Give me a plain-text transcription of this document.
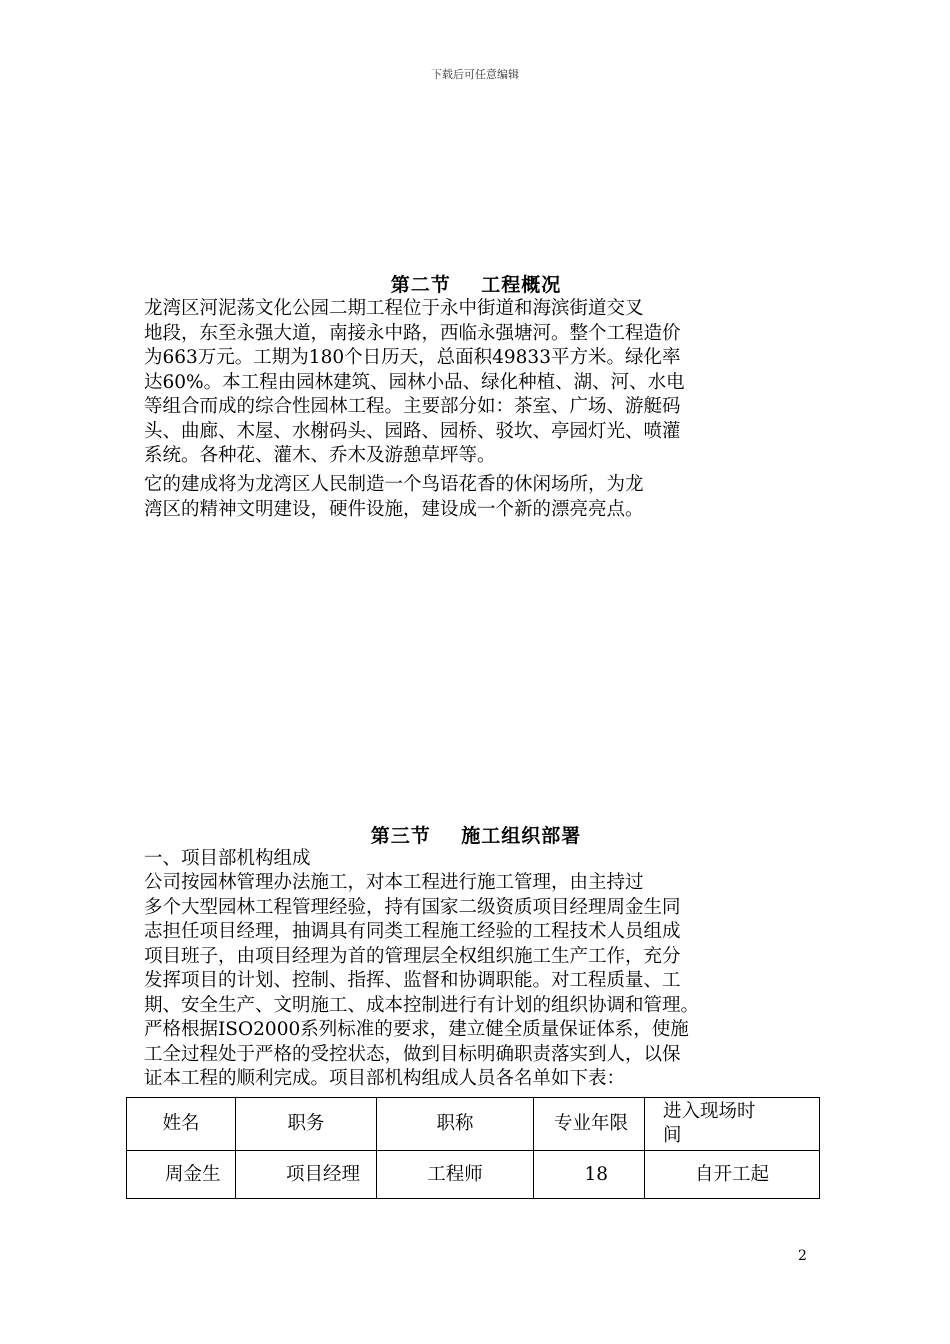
下载后可任意编辑
第二节    工程概况
龙湾区河泥荡文化公园二期工程位于永中街道和海滨街道交叉
地段，东至永强大道，南接永中路，西临永强塘河。整个工程造价
为663万元。工期为180个日历天，总面积49833平方米。绿化率
达60%。本工程由园林建筑、园林小品、绿化种植、湖、河、水电
等组合而成的综合性园林工程。主要部分如：茶室、广场、游艇码
头、曲廊、木屋、水榭码头、园路、园桥、驳坎、亭园灯光、喷灌
系统。各种花、灌木、乔木及游憩草坪等。
它的建成将为龙湾区人民制造一个鸟语花香的休闲场所，为龙
湾区的精神文明建设，硬件设施，建设成一个新的漂亮亮点。
第三节    施工组织部署
一、项目部机构组成
公司按园林管理办法施工，对本工程进行施工管理，由主持过
多个大型园林工程管理经验，持有国家二级资质项目经理周金生同
志担任项目经理，抽调具有同类工程施工经验的工程技术人员组成
项目班子，由项目经理为首的管理层全权组织施工生产工作，充分
发挥项目的计划、控制、指挥、监督和协调职能。对工程质量、工
期、安全生产、文明施工、成本控制进行有计划的组织协调和管理。
严格根据ISO2000系列标准的要求，建立健全质量保证体系，使施
工全过程处于严格的受控状态，做到目标明确职责落实到人，以保
证本工程的顺利完成。项目部机构组成人员各名单如下表：
姓名	职务	职称	专业年限	进入现场时间

周金生	项目经理	工程师	18	自开工起
2
